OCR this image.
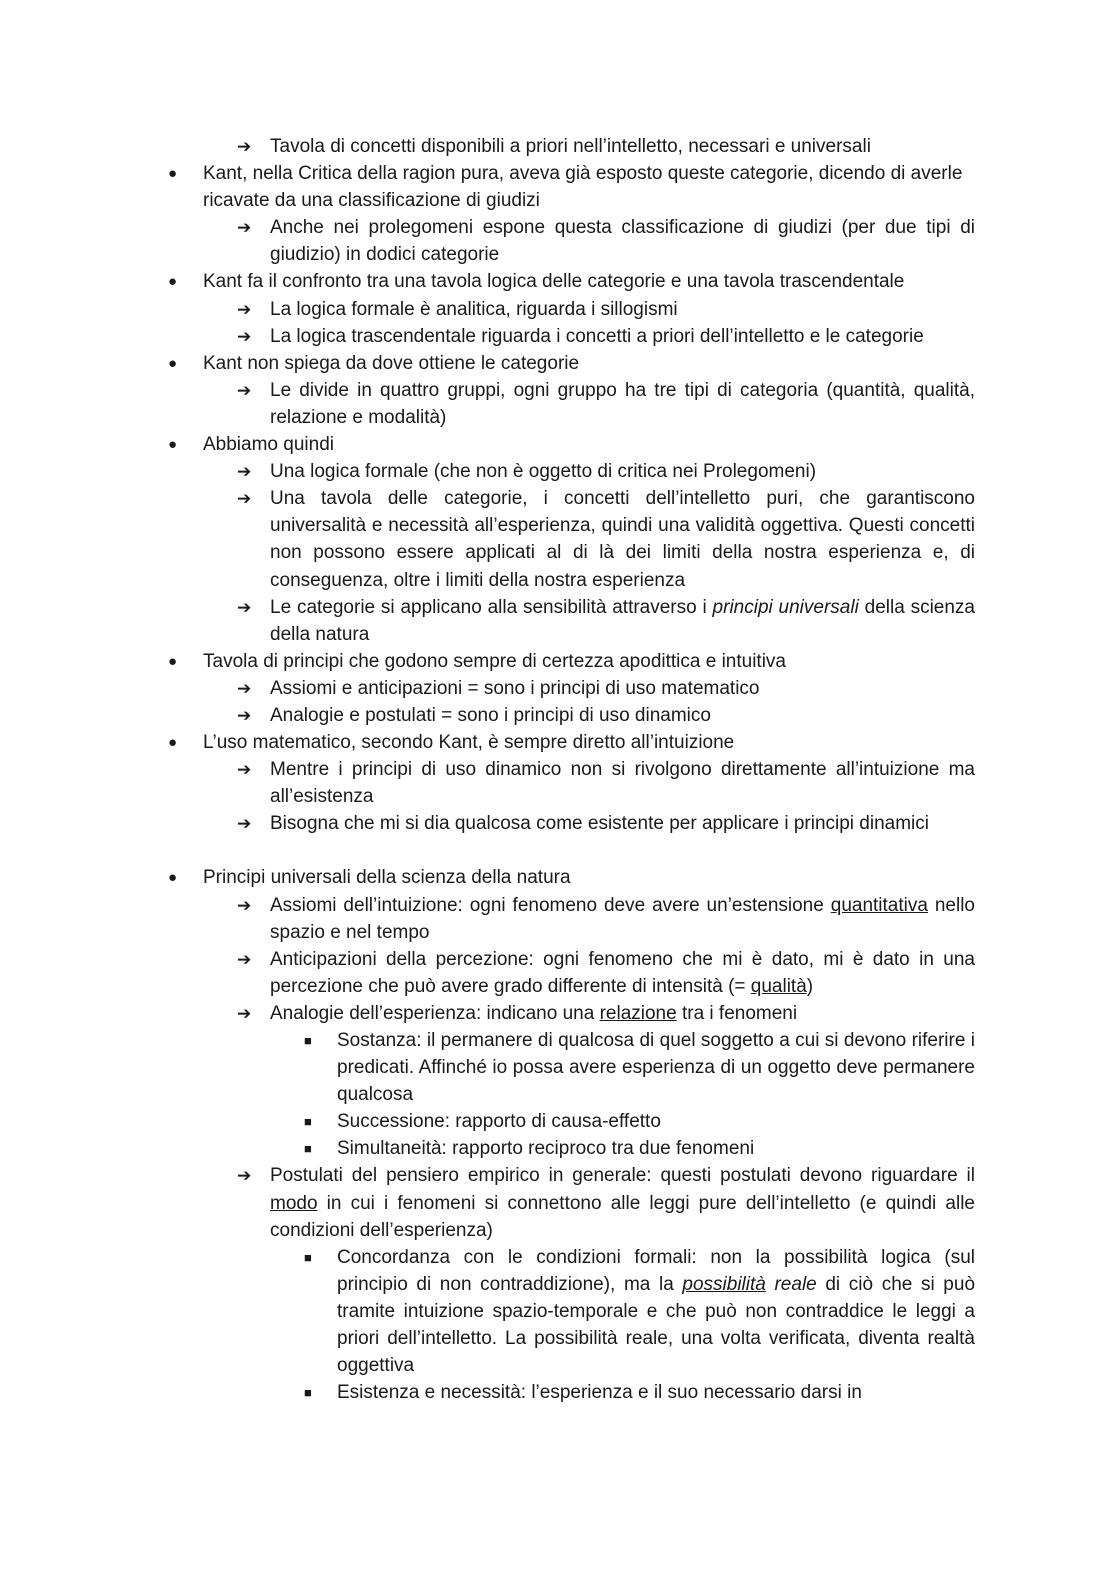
➔ Tavola di concetti disponibili a priori nell’intelletto, necessari e universali
● Kant, nella Critica della ragion pura, aveva già esposto queste categorie, dicendo di averle ricavate da una classificazione di giudizi
➔ Anche nei prolegomeni espone questa classificazione di giudizi (per due tipi di giudizio) in dodici categorie
● Kant fa il confronto tra una tavola logica delle categorie e una tavola trascendentale
➔ La logica formale è analitica, riguarda i sillogismi
➔ La logica trascendentale riguarda i concetti a priori dell’intelletto e le categorie
● Kant non spiega da dove ottiene le categorie
➔ Le divide in quattro gruppi, ogni gruppo ha tre tipi di categoria (quantità, qualità, relazione e modalità)
● Abbiamo quindi
➔ Una logica formale (che non è oggetto di critica nei Prolegomeni)
➔ Una tavola delle categorie, i concetti dell’intelletto puri, che garantiscono universalità e necessità all’esperienza, quindi una validità oggettiva. Questi concetti non possono essere applicati al di là dei limiti della nostra esperienza e, di conseguenza, oltre i limiti della nostra esperienza
➔ Le categorie si applicano alla sensibilità attraverso i principi universali della scienza della natura
● Tavola di principi che godono sempre di certezza apodittica e intuitiva
➔ Assiomi e anticipazioni = sono i principi di uso matematico
➔ Analogie e postulati = sono i principi di uso dinamico
● L’uso matematico, secondo Kant, è sempre diretto all’intuizione
➔ Mentre i principi di uso dinamico non si rivolgono direttamente all’intuizione ma all’esistenza
➔ Bisogna che mi si dia qualcosa come esistente per applicare i principi dinamici
● Principi universali della scienza della natura
➔ Assiomi dell’intuizione: ogni fenomeno deve avere un’estensione quantitativa nello spazio e nel tempo
➔ Anticipazioni della percezione: ogni fenomeno che mi è dato, mi è dato in una percezione che può avere grado differente di intensità (= qualità)
➔ Analogie dell’esperienza: indicano una relazione tra i fenomeni
■ Sostanza: il permanere di qualcosa di quel soggetto a cui si devono riferire i predicati. Affinché io possa avere esperienza di un oggetto deve permanere qualcosa
■ Successione: rapporto di causa-effetto
■ Simultaneità: rapporto reciproco tra due fenomeni
➔ Postulati del pensiero empirico in generale: questi postulati devono riguardare il modo in cui i fenomeni si connettono alle leggi pure dell’intelletto (e quindi alle condizioni dell’esperienza)
■ Concordanza con le condizioni formali: non la possibilità logica (sul principio di non contraddizione), ma la possibilità reale di ciò che si può tramite intuizione spazio-temporale e che può non contraddice le leggi a priori dell’intelletto. La possibilità reale, una volta verificata, diventa realtà oggettiva
■ Esistenza e necessità: l’esperienza e il suo necessario darsi in
